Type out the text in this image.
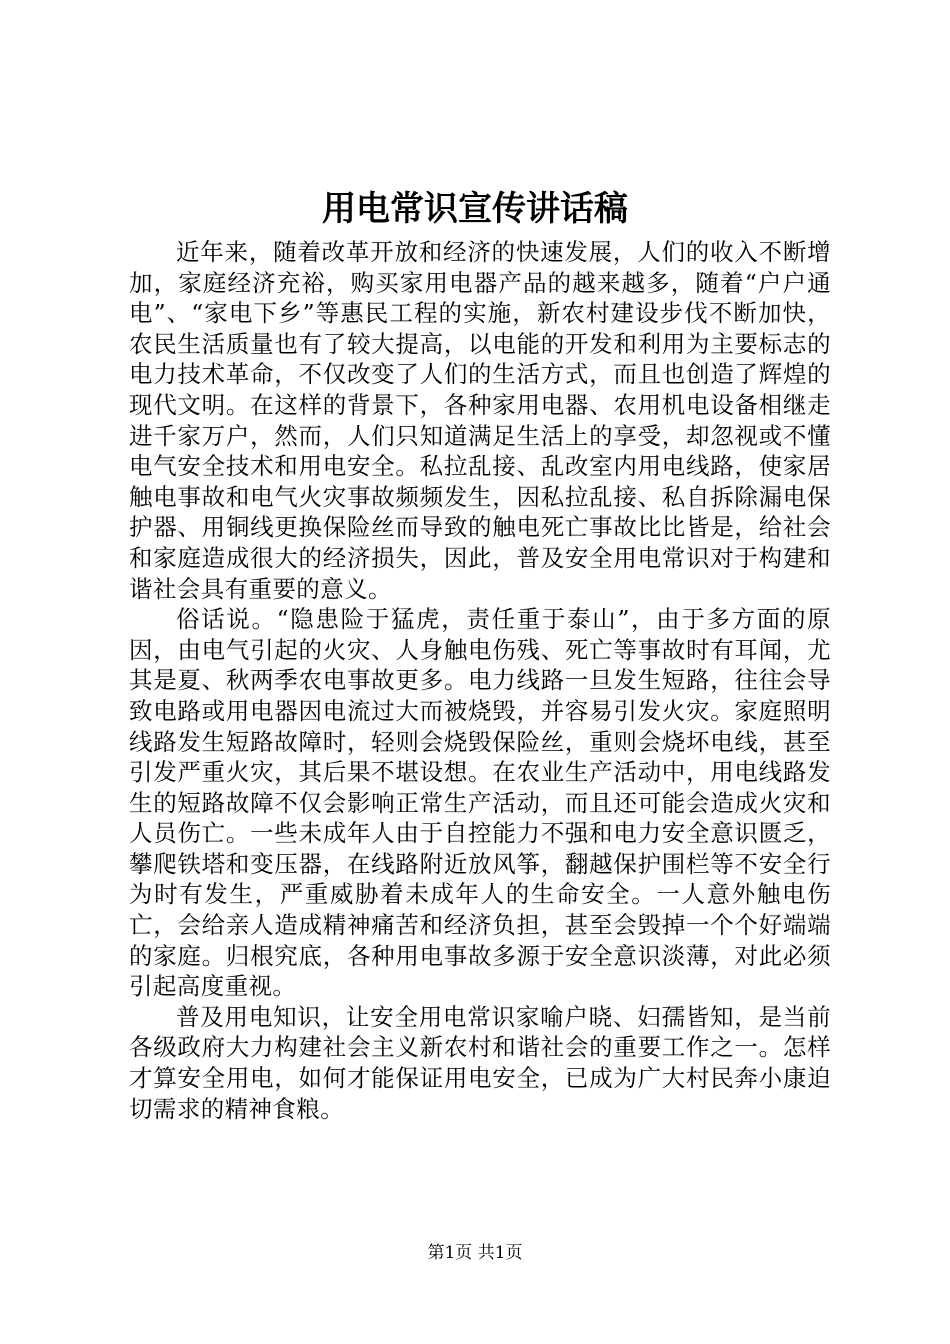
用电常识宣传讲话稿

近年来，随着改革开放和经济的快速发展，人们的收入不断增加，家庭经济充裕，购买家用电器产品的越来越多，随着“户户通电”、“家电下乡”等惠民工程的实施，新农村建设步伐不断加快，农民生活质量也有了较大提高，以电能的开发和利用为主要标志的电力技术革命，不仅改变了人们的生活方式，而且也创造了辉煌的现代文明。在这样的背景下，各种家用电器、农用机电设备相继走进千家万户，然而，人们只知道满足生活上的享受，却忽视或不懂电气安全技术和用电安全。私拉乱接、乱改室内用电线路，使家居触电事故和电气火灾事故频频发生，因私拉乱接、私自拆除漏电保护器、用铜线更换保险丝而导致的触电死亡事故比比皆是，给社会和家庭造成很大的经济损失，因此，普及安全用电常识对于构建和谐社会具有重要的意义。

俗话说。“隐患险于猛虎，责任重于泰山”，由于多方面的原因，由电气引起的火灾、人身触电伤残、死亡等事故时有耳闻，尤其是夏、秋两季农电事故更多。电力线路一旦发生短路，往往会导致电路或用电器因电流过大而被烧毁，并容易引发火灾。家庭照明线路发生短路故障时，轻则会烧毁保险丝，重则会烧坏电线，甚至引发严重火灾，其后果不堪设想。在农业生产活动中，用电线路发生的短路故障不仅会影响正常生产活动，而且还可能会造成火灾和人员伤亡。一些未成年人由于自控能力不强和电力安全意识匮乏，攀爬铁塔和变压器，在线路附近放风筝，翻越保护围栏等不安全行为时有发生，严重威胁着未成年人的生命安全。一人意外触电伤亡，会给亲人造成精神痛苦和经济负担，甚至会毁掉一个个好端端的家庭。归根究底，各种用电事故多源于安全意识淡薄，对此必须引起高度重视。

普及用电知识，让安全用电常识家喻户晓、妇孺皆知，是当前各级政府大力构建社会主义新农村和谐社会的重要工作之一。怎样才算安全用电，如何才能保证用电安全，已成为广大村民奔小康迫切需求的精神食粮。

第1页 共1页
